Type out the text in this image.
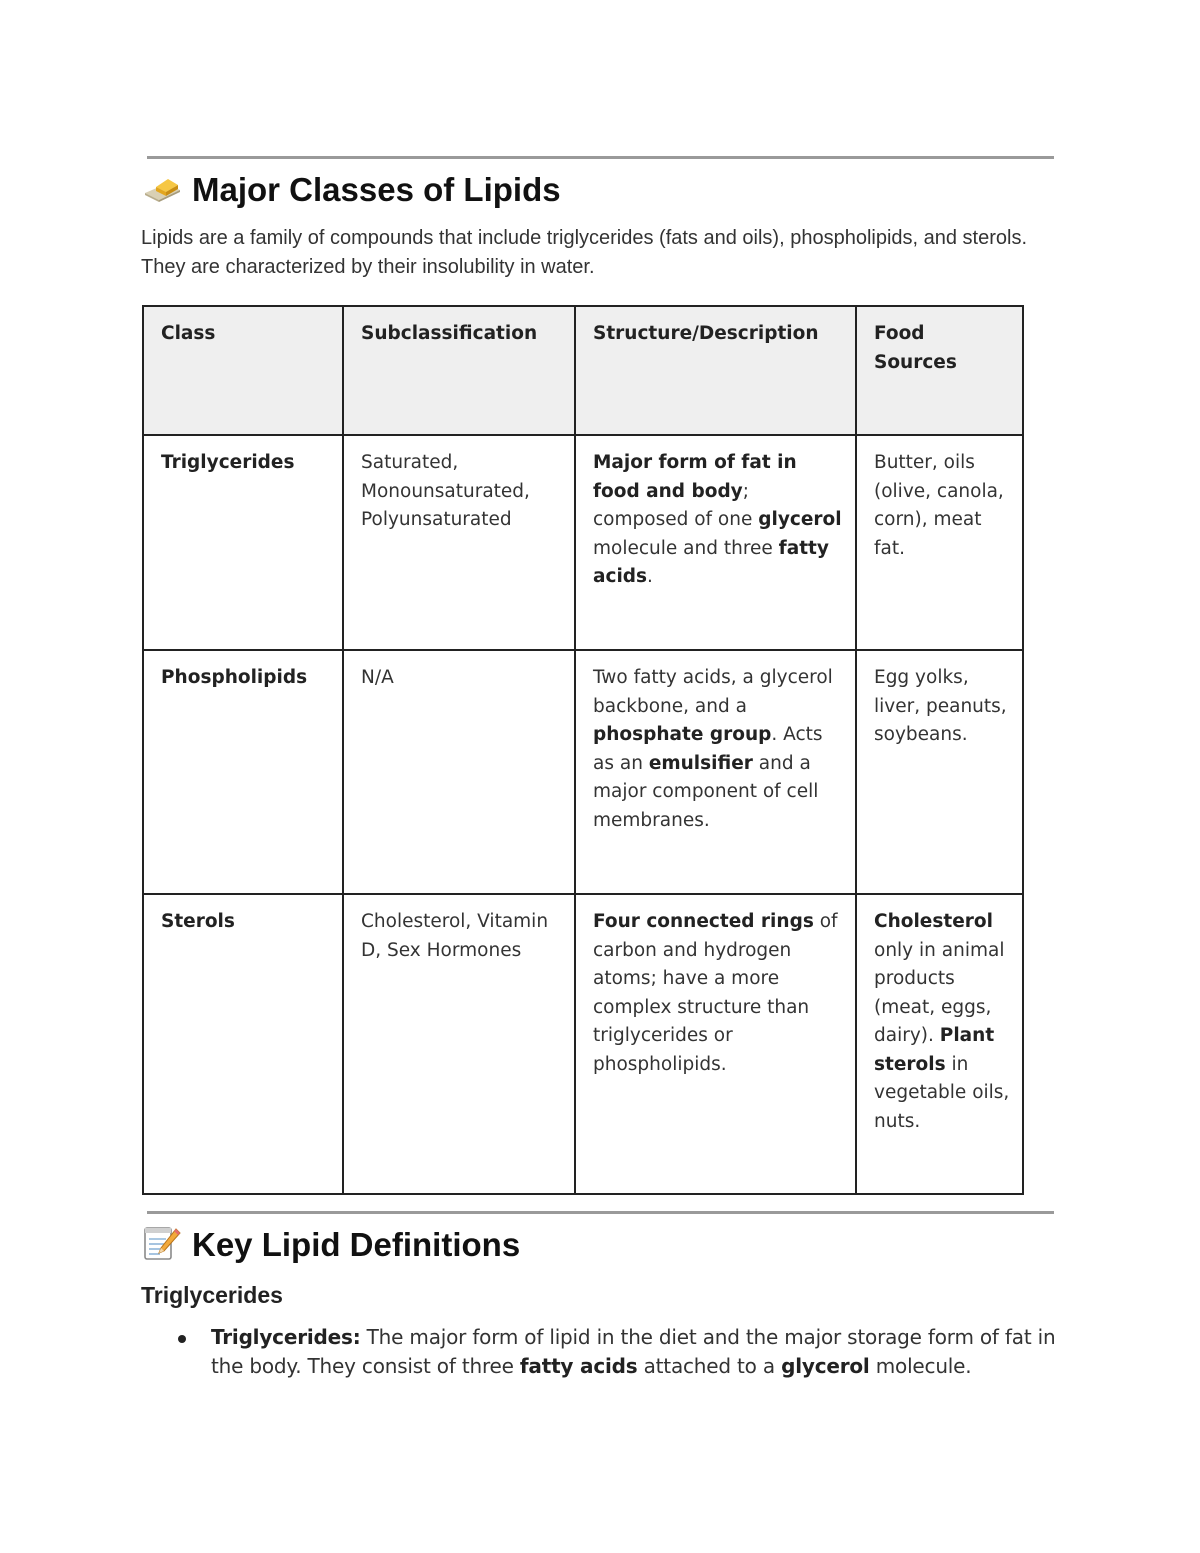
Major Classes of Lipids
Lipids are a family of compounds that include triglycerides (fats and oils), phospholipids, and sterols. They are characterized by their insolubility in water.
Class	Subclassification	Structure/Description	Food Sources
Triglycerides	Saturated, Monounsaturated, Polyunsaturated	Major form of fat in food and body; composed of one glycerol molecule and three fatty acids.	Butter, oils (olive, canola, corn), meat fat.
Phospholipids	N/A	Two fatty acids, a glycerol backbone, and a phosphate group. Acts as an emulsifier and a major component of cell membranes.	Egg yolks, liver, peanuts, soybeans.
Sterols	Cholesterol, Vitamin D, Sex Hormones	Four connected rings of carbon and hydrogen atoms; have a more complex structure than triglycerides or phospholipids.	Cholesterol only in animal products (meat, eggs, dairy). Plant sterols in vegetable oils, nuts.
Key Lipid Definitions
Triglycerides
Triglycerides: The major form of lipid in the diet and the major storage form of fat in the body. They consist of three fatty acids attached to a glycerol molecule.
